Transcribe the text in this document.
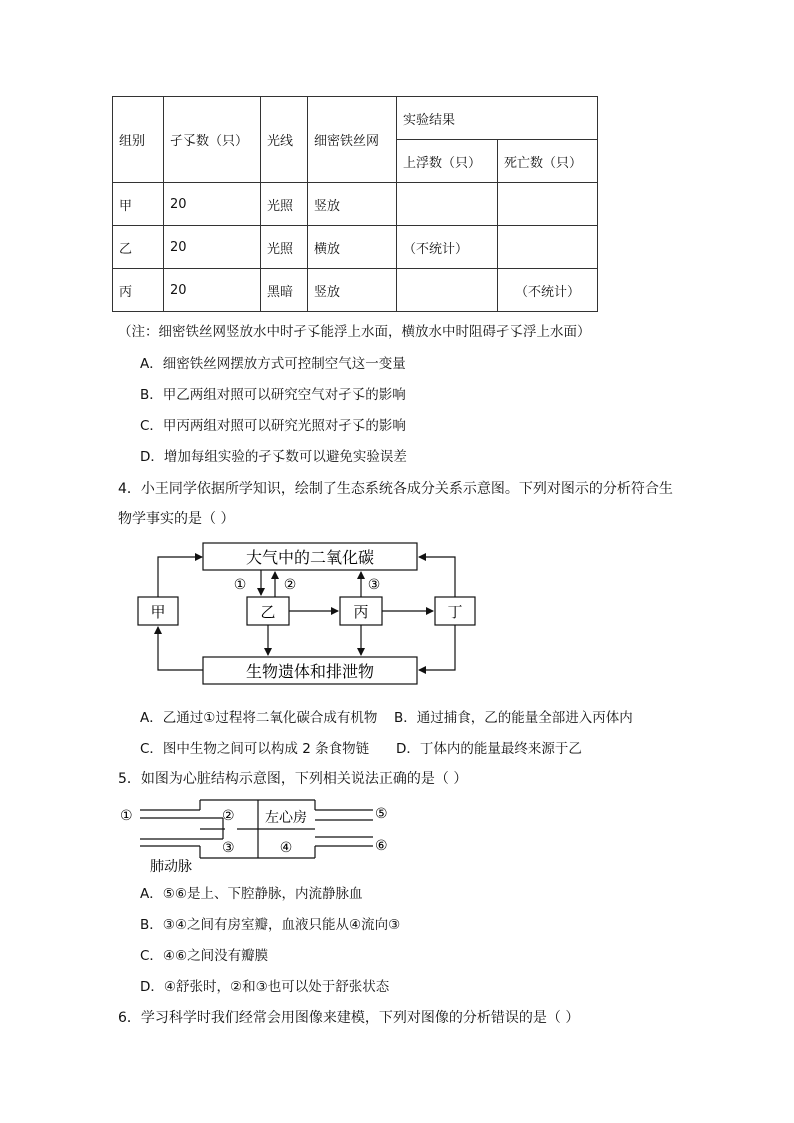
组别	孑孓数（只）	光线	细密铁丝网	实验结果	
				上浮数（只）	死亡数（只）
甲	20	光照	竖放		
乙	20	光照	横放	（不统计）	
丙	20	黑暗	竖放		（不统计）
（注：细密铁丝网竖放水中时孑孓能浮上水面，横放水中时阻碍孑孓浮上水面）
A．细密铁丝网摆放方式可控制空气这一变量
B．甲乙两组对照可以研究空气对孑孓的影响
C．甲丙两组对照可以研究光照对孑孓的影响
D．增加每组实验的孑孓数可以避免实验误差
4．小王同学依据所学知识，绘制了生态系统各成分关系示意图。下列对图示的分析符合生
物学事实的是（ ）
大气中的二氧化碳
生物遗体和排泄物
甲	乙	丙	丁
①	②	③
A．乙通过①过程将二氧化碳合成有机物 B．通过捕食，乙的能量全部进入丙体内
C．图中生物之间可以构成 2 条食物链 D．丁体内的能量最终来源于乙
5．如图为心脏结构示意图，下列相关说法正确的是（ ）
①	②
③	④
左心房	⑤
⑥
肺动脉
A．⑤⑥是上、下腔静脉，内流静脉血
B．③④之间有房室瓣，血液只能从④流向③
C．④⑥之间没有瓣膜
D．④舒张时，②和③也可以处于舒张状态
6．学习科学时我们经常会用图像来建模，下列对图像的分析错误的是（ ）
